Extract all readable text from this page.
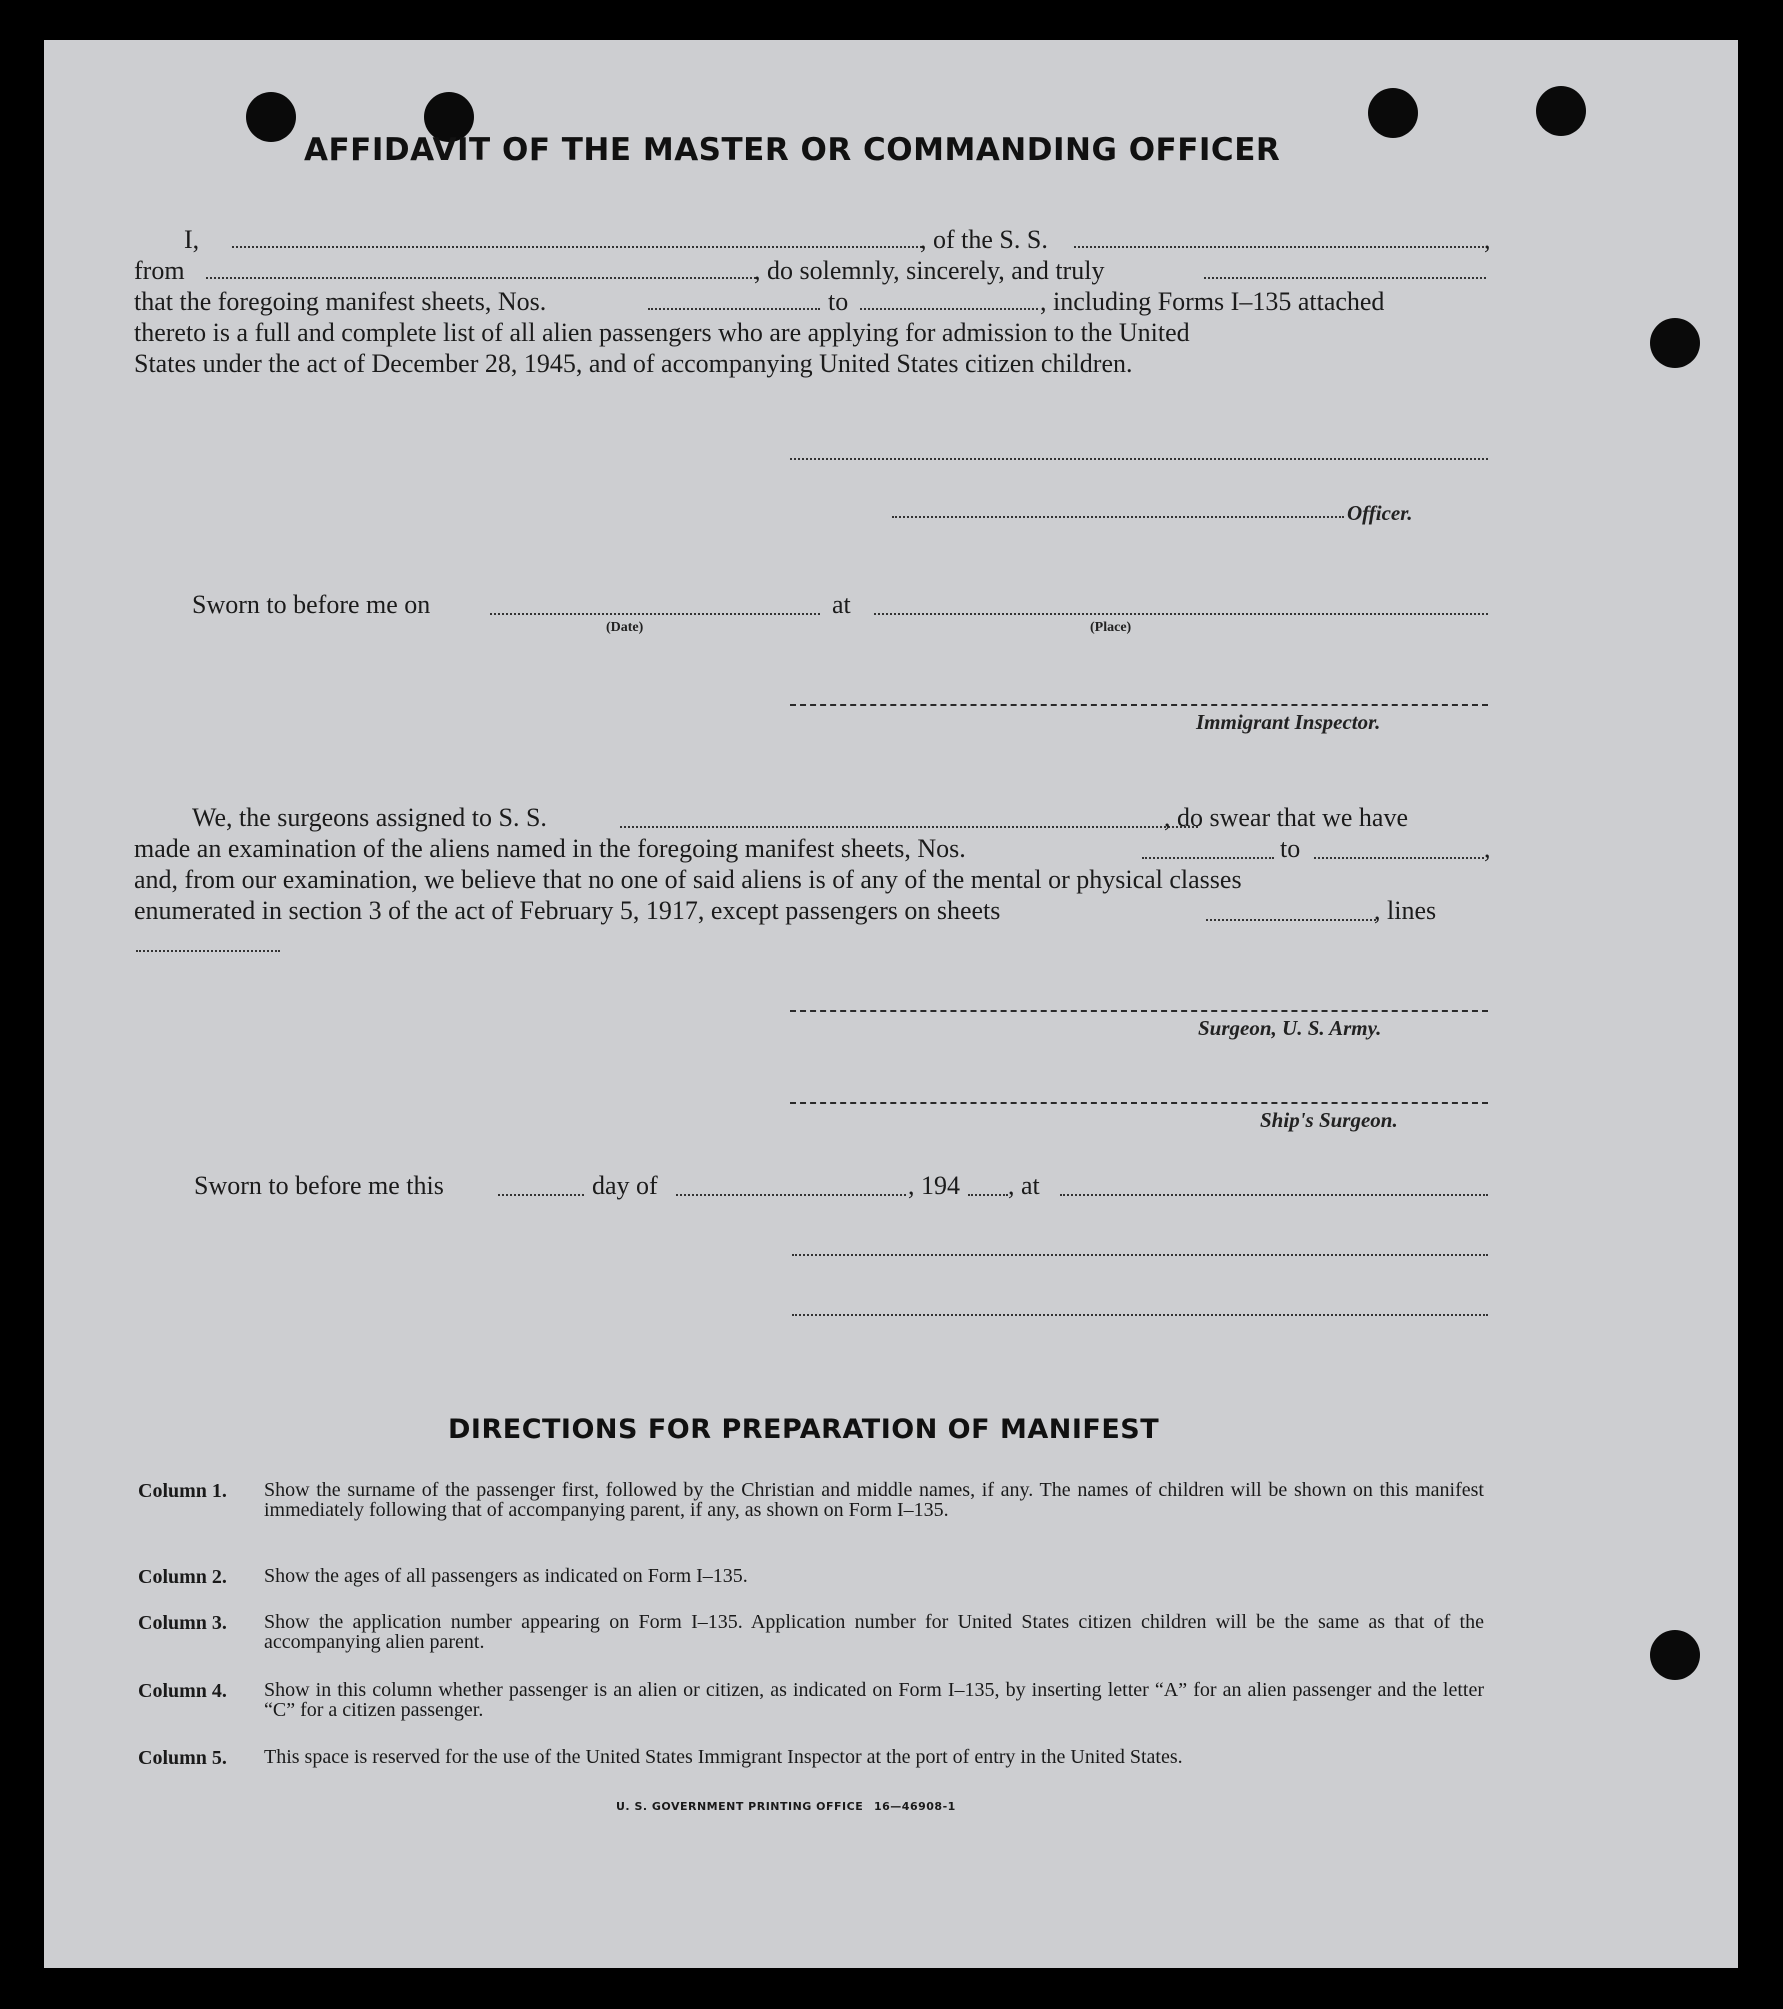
AFFIDAVIT OF THE MASTER OR COMMANDING OFFICER
I,	, of the S. S.	,
from	, do solemnly, sincerely, and truly
that the foregoing manifest sheets, Nos.	to	, including Forms I–135 attached
thereto is a full and complete list of all alien passengers who are applying for admission to the United
States under the act of December 28, 1945, and of accompanying United States citizen children.
Officer.
Sworn to before me on
(Date)
at
(Place)
Immigrant Inspector.
We, the surgeons assigned to S. S.	, do swear that we have
made an examination of the aliens named in the foregoing manifest sheets, Nos.	to	,
and, from our examination, we believe that no one of said aliens is of any of the mental or physical classes
enumerated in section 3 of the act of February 5, 1917, except passengers on sheets	, lines
Surgeon, U. S. Army.
Ship's Surgeon.
Sworn to before me this	day of	, 194 , at
DIRECTIONS FOR PREPARATION OF MANIFEST
Column 1. Show the surname of the passenger first, followed by the Christian and middle names, if any. The names of children will be shown on this manifest immediately following that of accompanying parent, if any, as shown on Form I–135.
Column 2. Show the ages of all passengers as indicated on Form I–135.
Column 3. Show the application number appearing on Form I–135. Application number for United States citizen children will be the same as that of the accompanying alien parent.
Column 4. Show in this column whether passenger is an alien or citizen, as indicated on Form I–135, by inserting letter “A” for an alien passenger and the letter “C” for a citizen passenger.
Column 5. This space is reserved for the use of the United States Immigrant Inspector at the port of entry in the United States.
U. S. GOVERNMENT PRINTING OFFICE 16—46908-1
